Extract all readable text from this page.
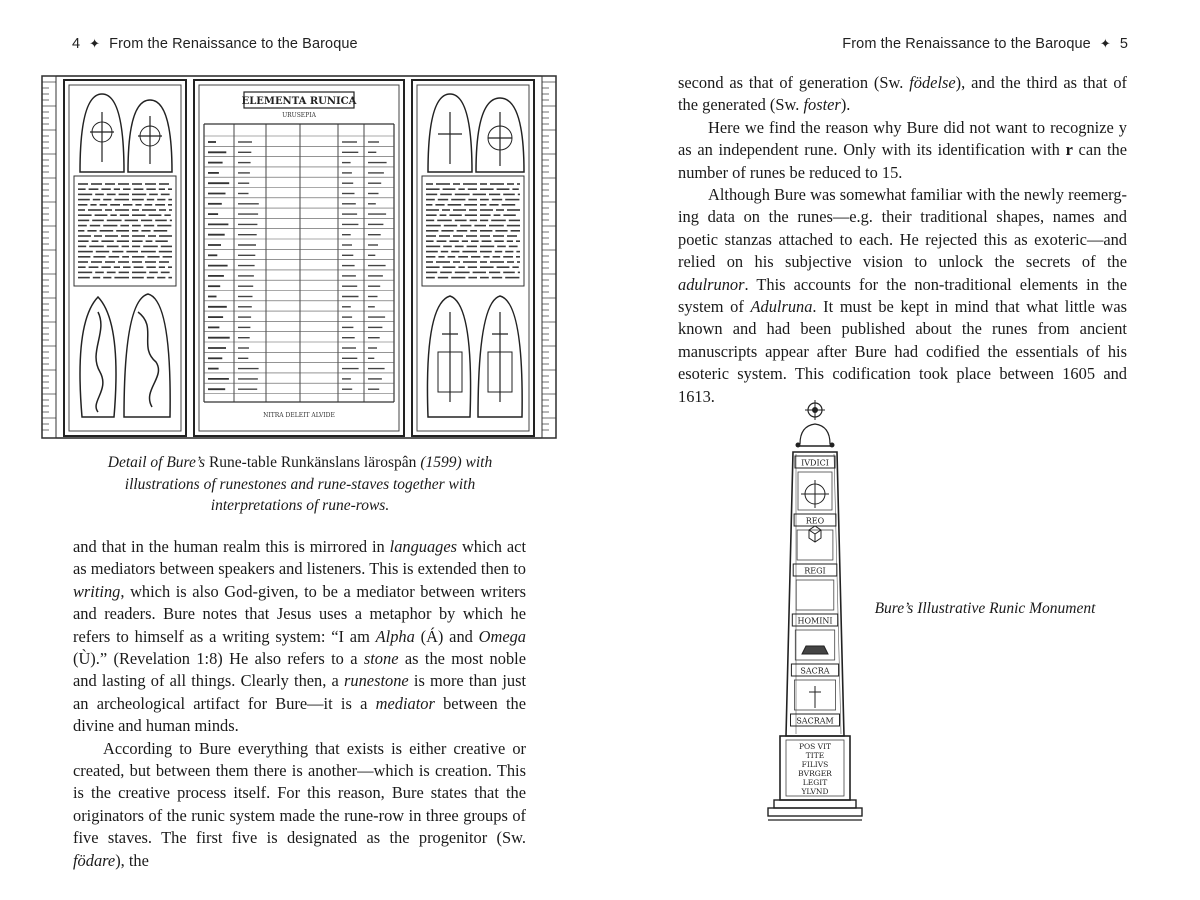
4 ✦ From the Renaissance to the Baroque
ELEMENTA RUNICA
URUSEPIA
NITRA DELEIT ALVIDE
Detail of Bure’s Rune-table Runkänslans lärospân (1599) with illustrations of runestones and rune-staves together with interpretations of rune-rows.

and that in the human realm this is mirrored in languages which act as mediators between speakers and listeners. This is extended then to writing, which is also God-given, to be a mediator between writers and readers. Bure notes that Jesus uses a metaphor by which he refers to himself as a writing system: “I am Alpha (Á) and Omega (Ù).” (Revelation 1:8) He also refers to a stone as the most noble and lasting of all things. Clearly then, a runestone is more than just an archeological artifact for Bure—it is a mediator between the divine and human minds.

According to Bure everything that exists is either creative or created, but between them there is another—which is creation. This is the creative process itself. For this reason, Bure states that the originators of the runic system made the rune-row in three groups of five staves. The first five is designated as the progenitor (Sw. födare), the

From the Renaissance to the Baroque ✦ 5

second as that of generation (Sw. födelse), and the third as that of the generated (Sw. foster).

Here we find the reason why Bure did not want to recognize y as an independent rune. Only with its identification with r can the number of runes be reduced to 15.

Although Bure was somewhat familiar with the newly reemerging data on the runes—e.g. their traditional shapes, names and poetic stanzas attached to each. He rejected this as exoteric—and relied on his subjective vision to unlock the secrets of the adulrunor. This accounts for the non-traditional elements in the system of Adulruna. It must be kept in mind that what little was known and had been published about the runes from ancient manuscripts appear after Bure had codified the essentials of his esoteric system. This codification took place between 1605 and 1613.

IVDICI
REO
REGI
HOMINI
SACRA
SACRAM
POS VIT
TITE
FILIVS
BVRGER
LEGIT
YLVND
Bure’s Illustrative Runic Monument
